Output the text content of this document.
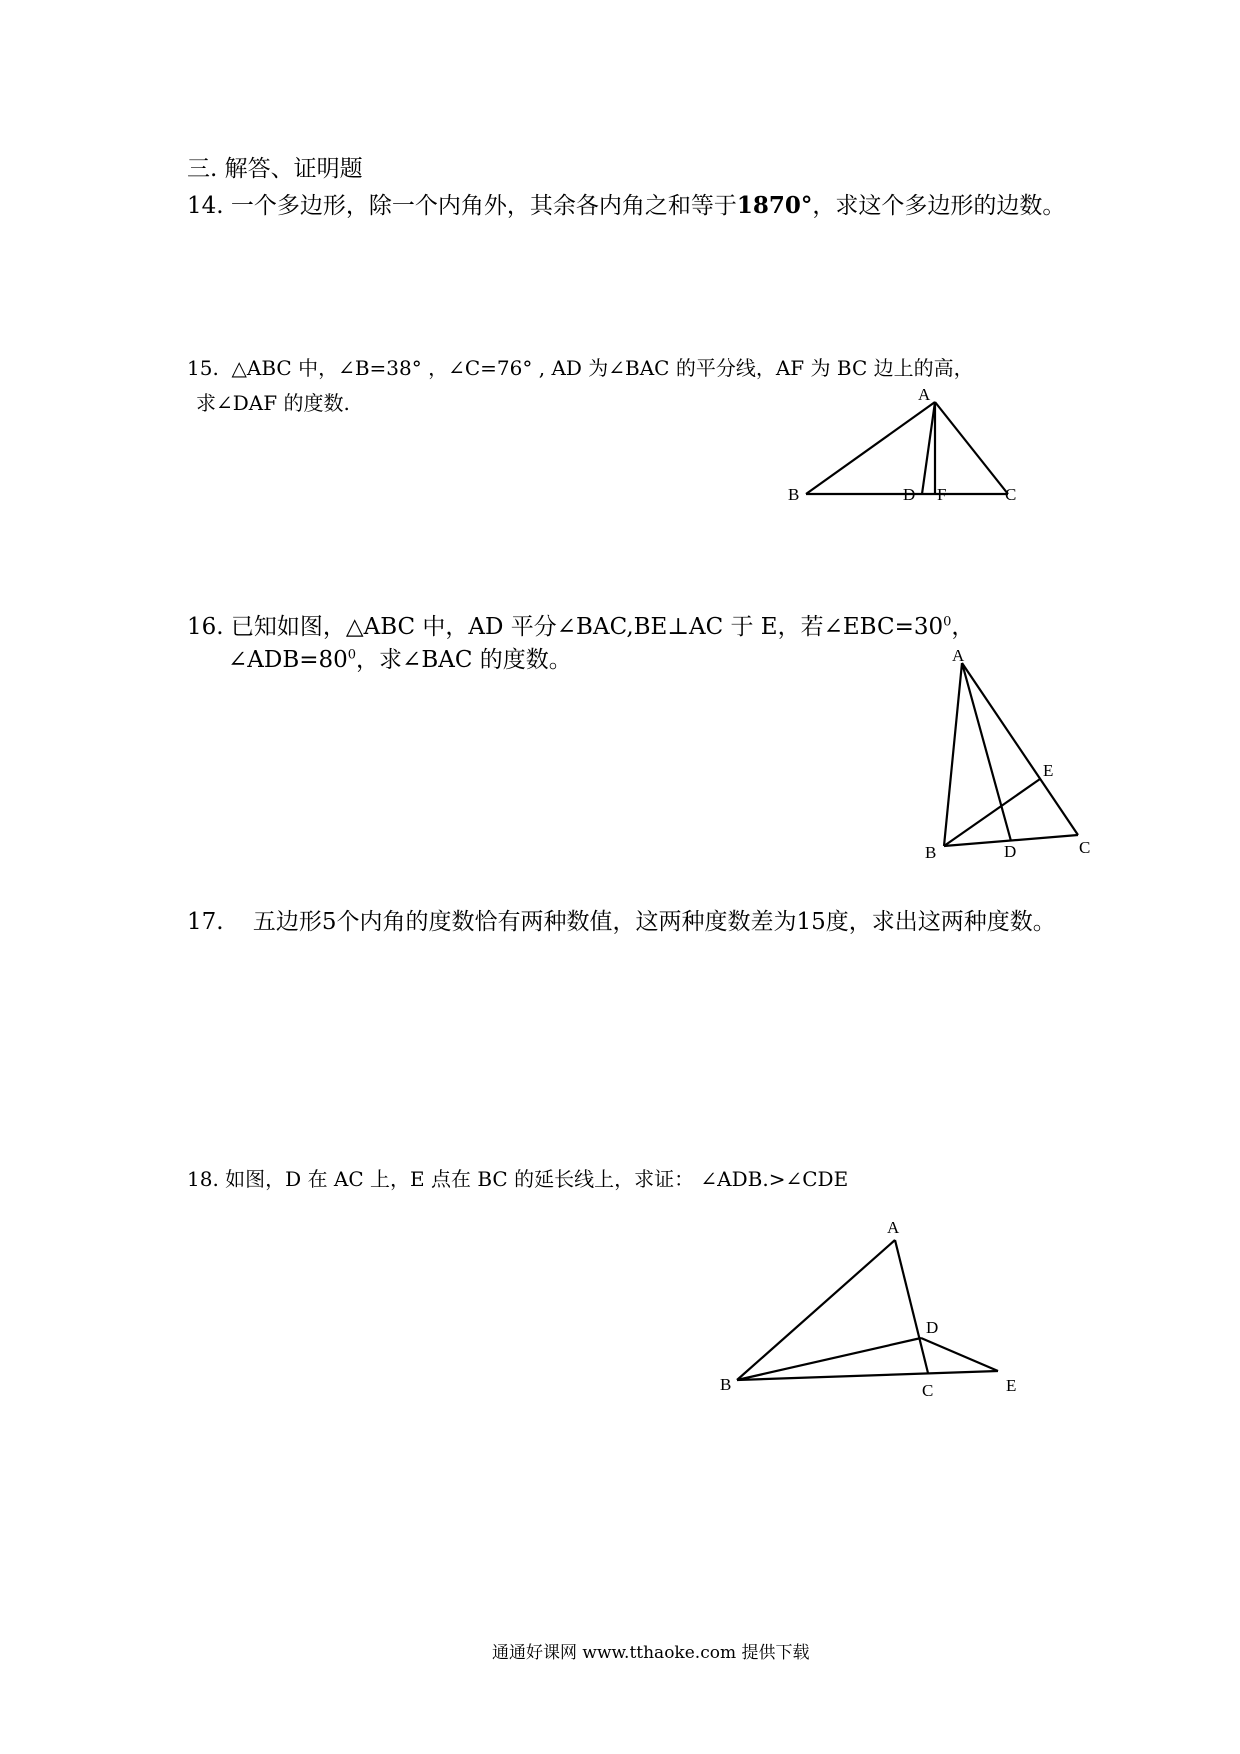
三. 解答、证明题
14. 一个多边形，除一个内角外，其余各内角之和等于1870°，求这个多边形的边数。
15. △ABC 中，∠B=38° ，∠C=76° , AD 为∠BAC 的平分线，AF 为 BC 边上的高，
求∠DAF 的度数.
16. 已知如图，△ABC 中，AD 平分∠BAC,BE⊥AC 于 E，若$\angle EBC=30^0$，
$\angle ADB=80^0$，求∠BAC 的度数。
17. 五边形5个内角的度数恰有两种数值，这两种度数差为15度，求出这两种度数。
18. 如图，D 在 AC 上，E 点在 BC 的延长线上，求证： ∠ADB.>∠CDE
A
B	D F	C
A
E
B	D	C
A
D
B	C	E
通通好课网 www.tthaoke.com 提供下载
